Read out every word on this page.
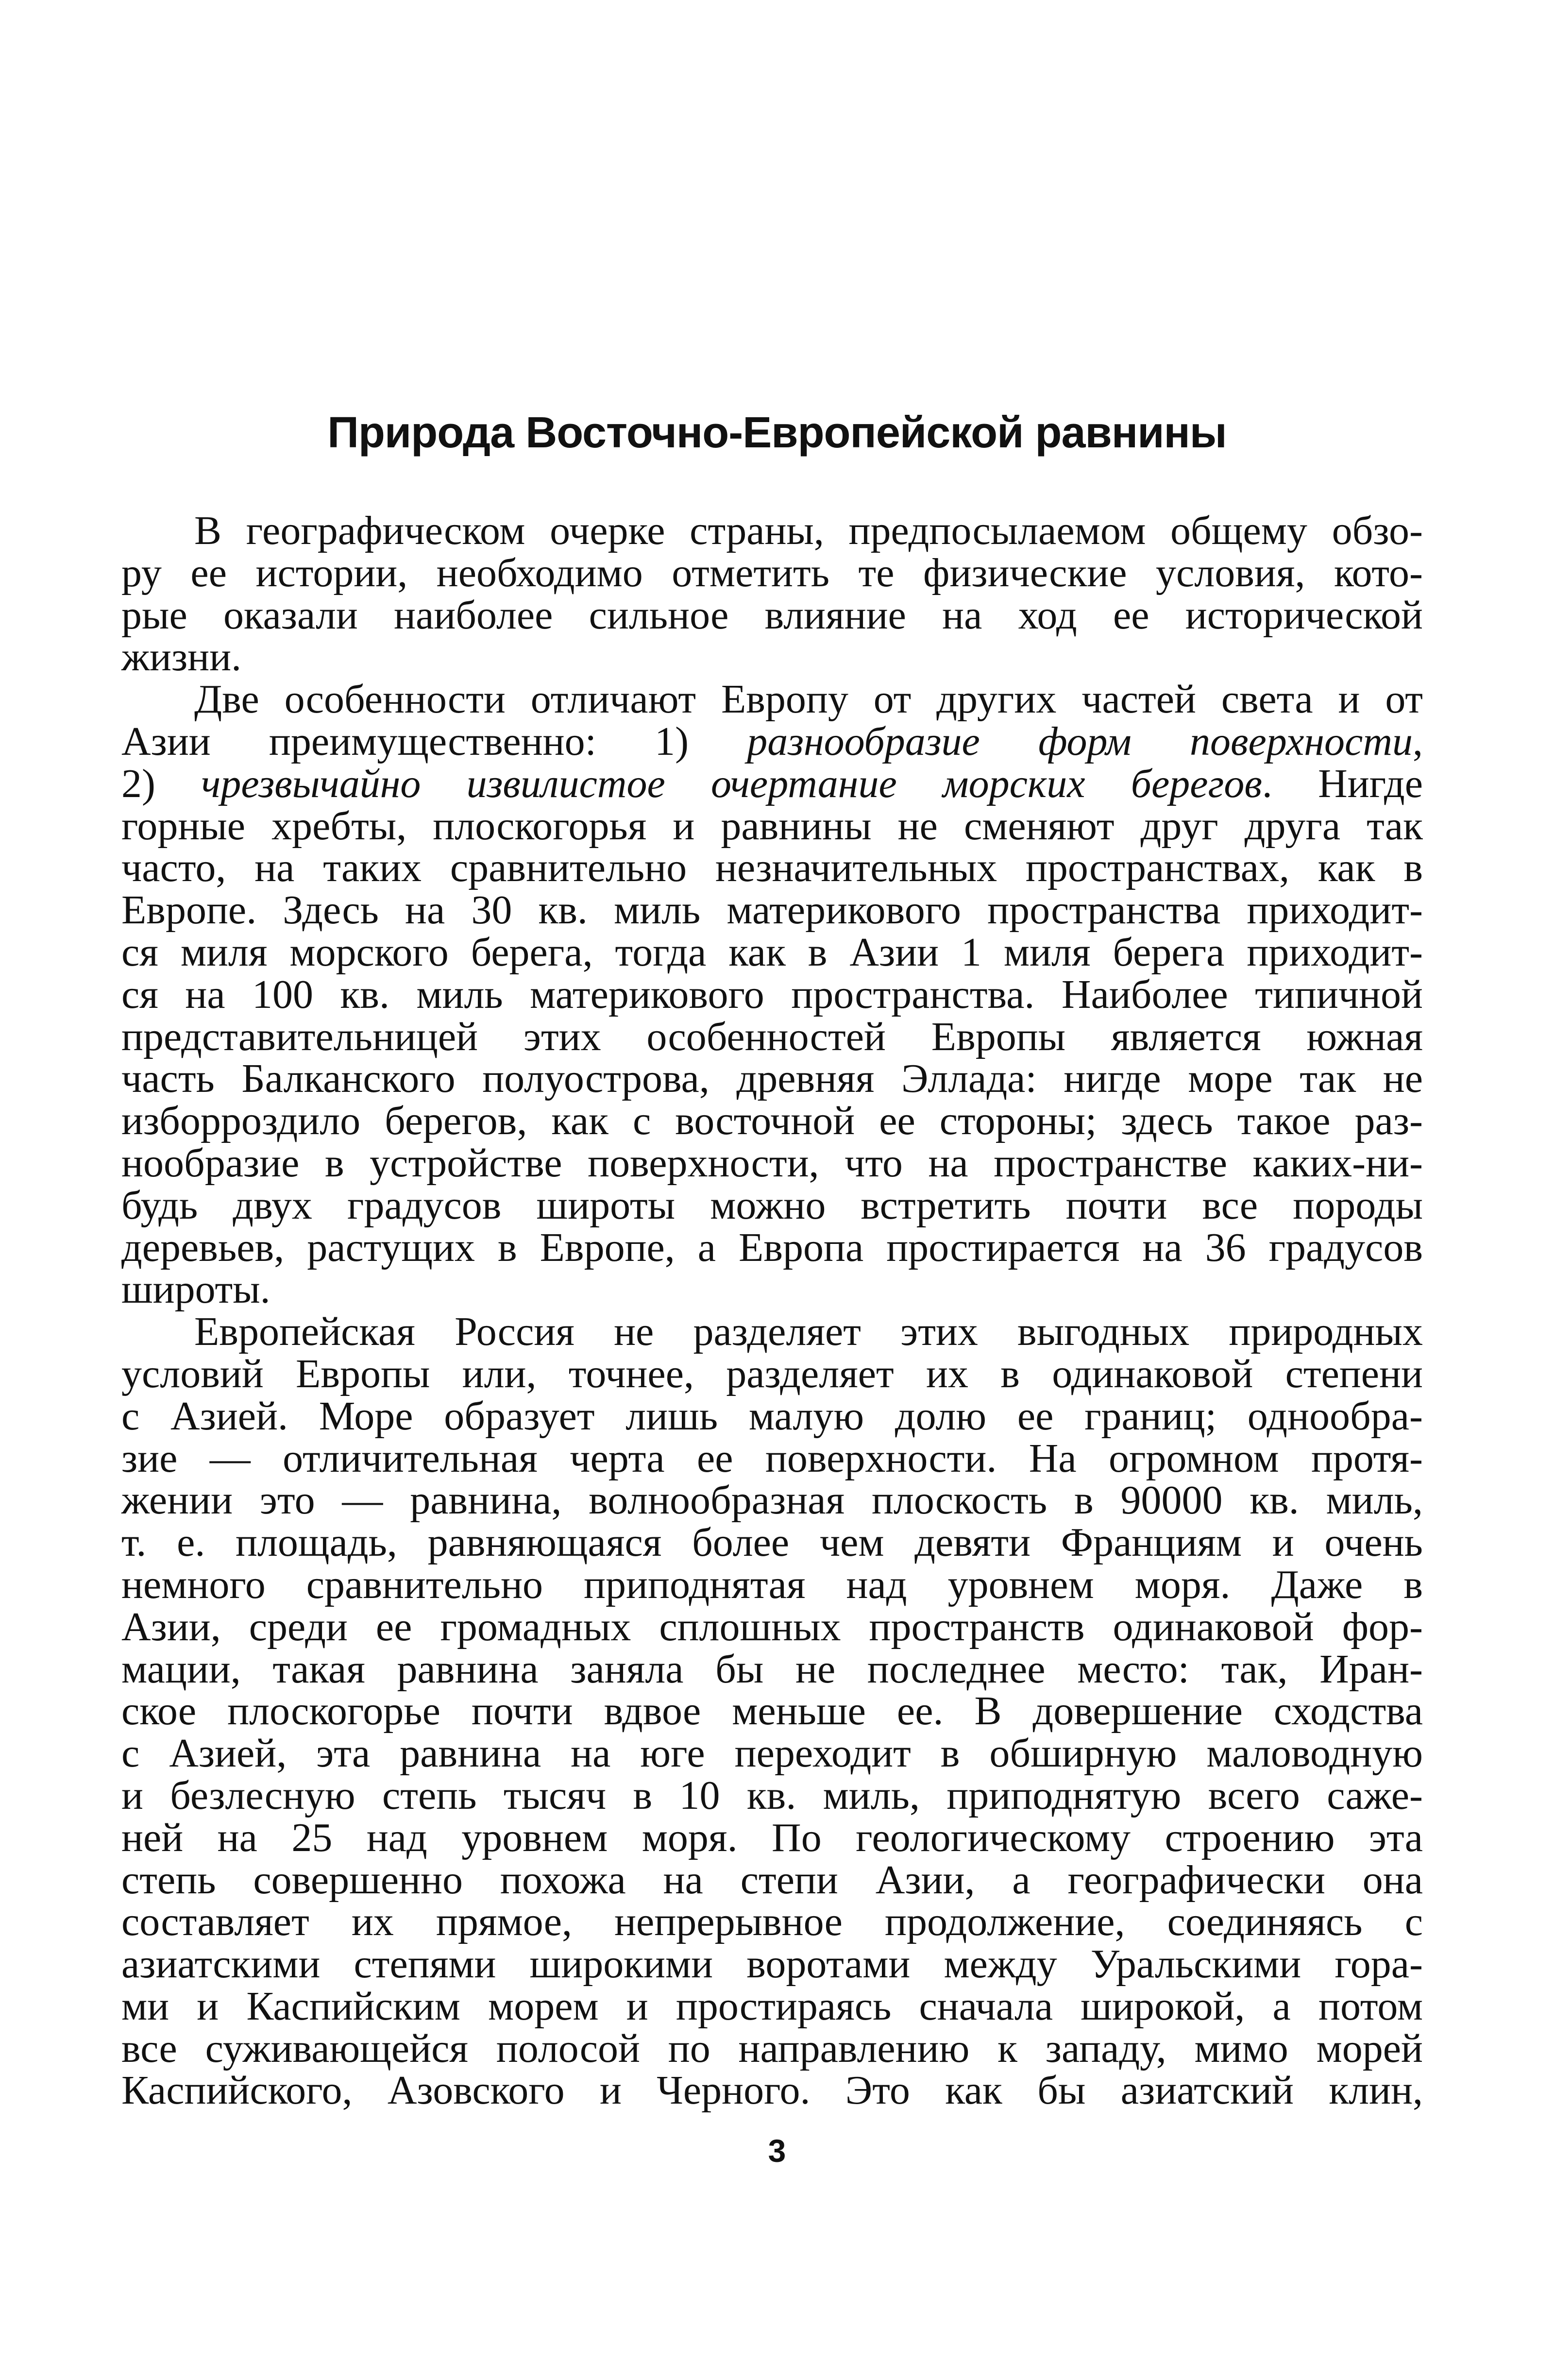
Природа Восточно-Европейской равнины

В географическом очерке страны, предпосылаемом общему обзо-
ру ее истории, необходимо отметить те физические условия, кото-
рые оказали наиболее сильное влияние на ход ее исторической
жизни.

Две особенности отличают Европу от других частей света и от
Азии преимущественно: 1) разнообразие форм поверхности,
2) чрезвычайно извилистое очертание морских берегов. Нигде
горные хребты, плоскогорья и равнины не сменяют друг друга так
часто, на таких сравнительно незначительных пространствах, как в
Европе. Здесь на 30 кв. миль материкового пространства приходит-
ся миля морского берега, тогда как в Азии 1 миля берега приходит-
ся на 100 кв. миль материкового пространства. Наиболее типичной
представительницей этих особенностей Европы является южная
часть Балканского полуострова, древняя Эллада: нигде море так не
изборроздило берегов, как с восточной ее стороны; здесь такое раз-
нообразие в устройстве поверхности, что на пространстве каких-ни-
будь двух градусов широты можно встретить почти все породы
деревьев, растущих в Европе, а Европа простирается на 36 градусов
широты.

Европейская Россия не разделяет этих выгодных природных
условий Европы или, точнее, разделяет их в одинаковой степени
с Азией. Море образует лишь малую долю ее границ; однообра-
зие — отличительная черта ее поверхности. На огромном протя-
жении это — равнина, волнообразная плоскость в 90000 кв. миль,
т. е. площадь, равняющаяся более чем девяти Франциям и очень
немного сравнительно приподнятая над уровнем моря. Даже в
Азии, среди ее громадных сплошных пространств одинаковой фор-
мации, такая равнина заняла бы не последнее место: так, Иран-
ское плоскогорье почти вдвое меньше ее. В довершение сходства
с Азией, эта равнина на юге переходит в обширную маловодную
и безлесную степь тысяч в 10 кв. миль, приподнятую всего саже-
ней на 25 над уровнем моря. По геологическому строению эта
степь совершенно похожа на степи Азии, а географически она
составляет их прямое, непрерывное продолжение, соединяясь с
азиатскими степями широкими воротами между Уральскими гора-
ми и Каспийским морем и простираясь сначала широкой, а потом
все суживающейся полосой по направлению к западу, мимо морей
Каспийского, Азовского и Черного. Это как бы азиатский клин,

3
